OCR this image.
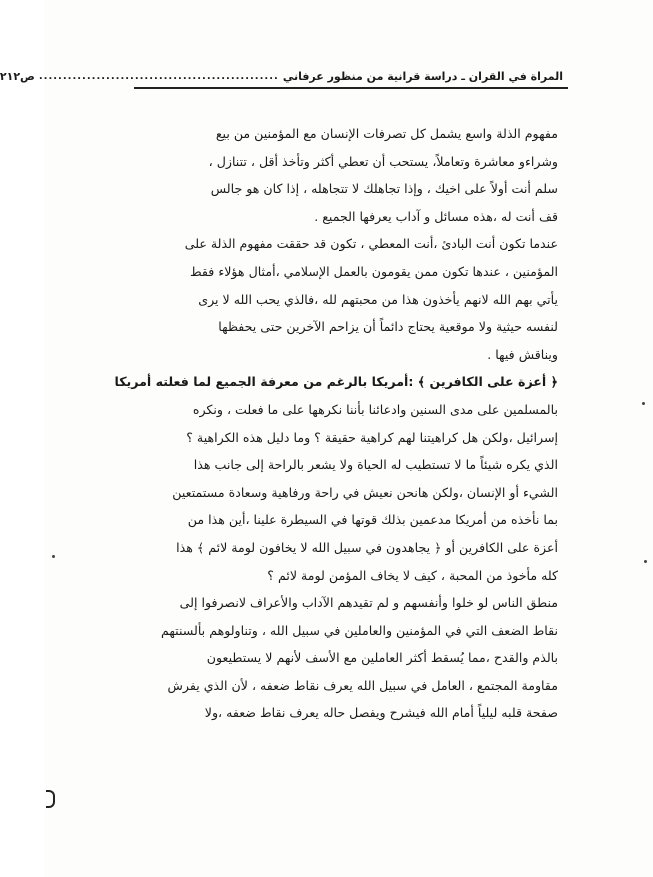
المراة في القران ـ دراسة قرانية من منظور عرفاني
..................................................
ص٢١٢
مفهوم الذلة واسع يشمل كل تصرفات الإنسان مع المؤمنين من بيع
وشراءو معاشرة وتعاملاً، يستحب أن تعطي أكثر وتأخذ أقل ، تتنازل ،
سلم أنت أولاً على اخيك ، وإذا تجاهلك لا تتجاهله ، إذا كان هو جالس
قف أنت له ،هذه مسائل و آداب يعرفها الجميع .
عندما تكون أنت البادئ ،أنت المعطي ، تكون قد حققت مفهوم الذلة على
المؤمنين ، عندها تكون ممن يقومون بالعمل الإسلامي ،أمثال هؤلاء فقط
يأتي بهم الله لانهم يأخذون هذا من محبتهم لله ،فالذي يحب الله لا يرى
لنفسه حيثية ولا موقعية يحتاج دائماً أن يزاحم الآخرين حتى يحفظها
ويناقش فيها .
﴿ أعزة على الكافرين ﴾ :أمريكا بالرغم من معرفة الجميع لما فعلته أمريكا
بالمسلمين على مدى السنين وادعائنا بأننا نكرهها على ما فعلت ، ونكره
إسرائيل ،ولكن هل كراهيتنا لهم كراهية حقيقة ؟ وما دليل هذه الكراهية ؟
الذي يكره شيئاً ما لا تستطيب له الحياة ولا يشعر بالراحة إلى جانب هذا
الشيء أو الإنسان ،ولكن هانحن نعيش في راحة ورفاهية وسعادة مستمتعين
بما نأخذه من أمريكا مدعمين بذلك قوتها في السيطرة علينا ،أين هذا من
أعزة على الكافرين أو ﴿ يجاهدون في سبيل الله لا يخافون لومة لائم ﴾ هذا
كله مأخوذ من المحبة ، كيف لا يخاف المؤمن لومة لائم ؟
منطق الناس لو خلوا وأنفسهم و لم تقيدهم الآداب والأعراف لانصرفوا إلى
نقاط الضعف التي في المؤمنين والعاملين في سبيل الله ، وتناولوهم بألسنتهم
بالذم والقدح ،مما يُسقط أكثر العاملين مع الأسف لأنهم لا يستطيعون
مقاومة المجتمع ، العامل في سبيل الله يعرف نقاط ضعفه ، لأن الذي يفرش
صفحة قلبه ليلياً أمام الله فيشرح ويفصل حاله يعرف نقاط ضعفه ،ولا
